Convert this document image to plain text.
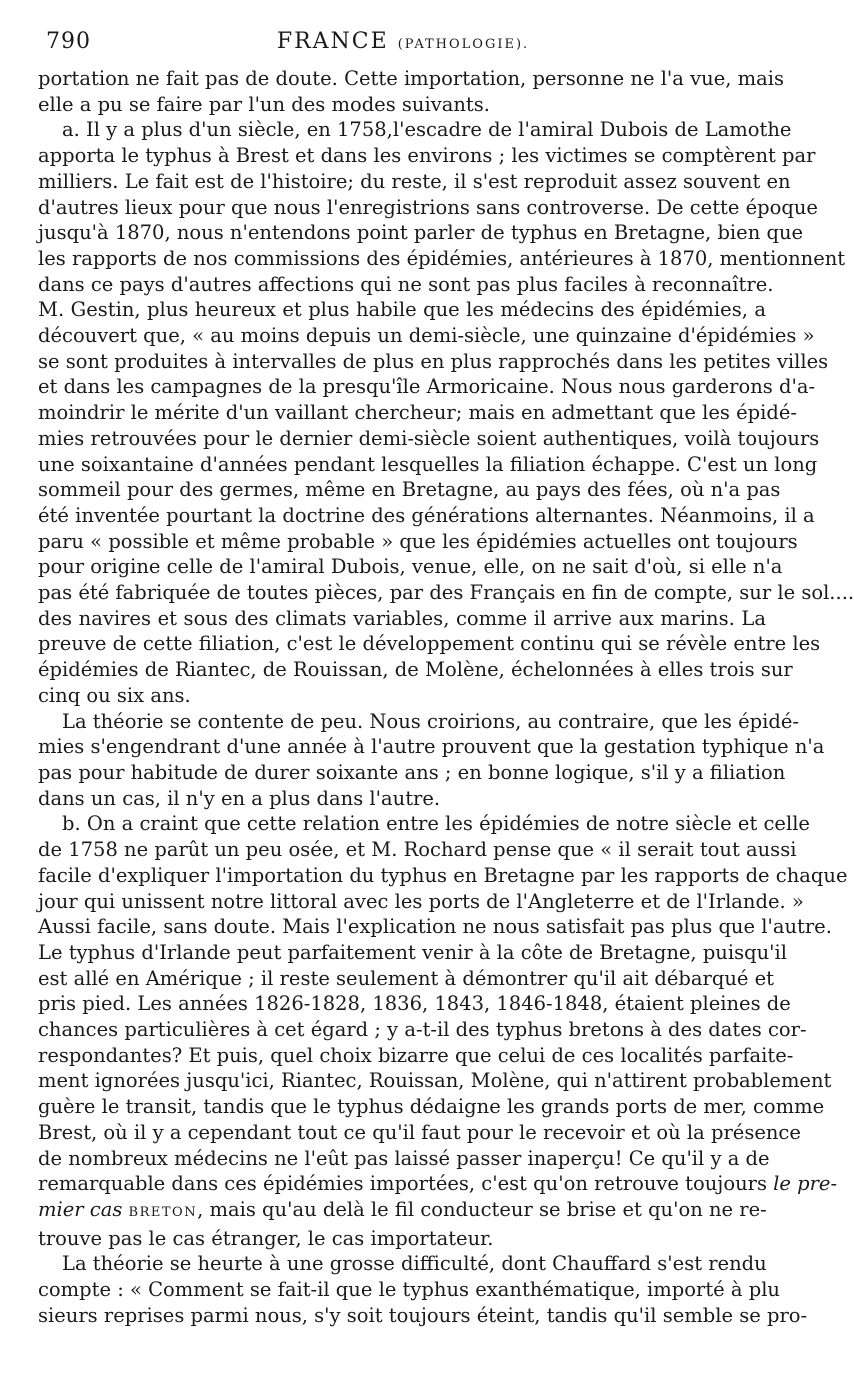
790	FRANCE (PATHOLOGIE).
portation ne fait pas de doute. Cette importation, personne ne l'a vue, mais
elle a pu se faire par l'un des modes suivants.
a. Il y a plus d'un siècle, en 1758,l'escadre de l'amiral Dubois de Lamothe
apporta le typhus à Brest et dans les environs ; les victimes se comptèrent par
milliers. Le fait est de l'histoire; du reste, il s'est reproduit assez souvent en
d'autres lieux pour que nous l'enregistrions sans controverse. De cette époque
jusqu'à 1870, nous n'entendons point parler de typhus en Bretagne, bien que
les rapports de nos commissions des épidémies, antérieures à 1870, mentionnent
dans ce pays d'autres affections qui ne sont pas plus faciles à reconnaître.
M. Gestin, plus heureux et plus habile que les médecins des épidémies, a
découvert que, « au moins depuis un demi-siècle, une quinzaine d'épidémies »
se sont produites à intervalles de plus en plus rapprochés dans les petites villes
et dans les campagnes de la presqu'île Armoricaine. Nous nous garderons d'a-
moindrir le mérite d'un vaillant chercheur; mais en admettant que les épidé-
mies retrouvées pour le dernier demi-siècle soient authentiques, voilà toujours
une soixantaine d'années pendant lesquelles la filiation échappe. C'est un long
sommeil pour des germes, même en Bretagne, au pays des fées, où n'a pas
été inventée pourtant la doctrine des générations alternantes. Néanmoins, il a
paru « possible et même probable » que les épidémies actuelles ont toujours
pour origine celle de l'amiral Dubois, venue, elle, on ne sait d'où, si elle n'a
pas été fabriquée de toutes pièces, par des Français en fin de compte, sur le sol....
des navires et sous des climats variables, comme il arrive aux marins. La
preuve de cette filiation, c'est le développement continu qui se révèle entre les
épidémies de Riantec, de Rouissan, de Molène, échelonnées à elles trois sur
cinq ou six ans.
La théorie se contente de peu. Nous croirions, au contraire, que les épidé-
mies s'engendrant d'une année à l'autre prouvent que la gestation typhique n'a
pas pour habitude de durer soixante ans ; en bonne logique, s'il y a filiation
dans un cas, il n'y en a plus dans l'autre.
b. On a craint que cette relation entre les épidémies de notre siècle et celle
de 1758 ne parût un peu osée, et M. Rochard pense que « il serait tout aussi
facile d'expliquer l'importation du typhus en Bretagne par les rapports de chaque
jour qui unissent notre littoral avec les ports de l'Angleterre et de l'Irlande. »
Aussi facile, sans doute. Mais l'explication ne nous satisfait pas plus que l'autre.
Le typhus d'Irlande peut parfaitement venir à la côte de Bretagne, puisqu'il
est allé en Amérique ; il reste seulement à démontrer qu'il ait débarqué et
pris pied. Les années 1826-1828, 1836, 1843, 1846-1848, étaient pleines de
chances particulières à cet égard ; y a-t-il des typhus bretons à des dates cor-
respondantes? Et puis, quel choix bizarre que celui de ces localités parfaite-
ment ignorées jusqu'ici, Riantec, Rouissan, Molène, qui n'attirent probablement
guère le transit, tandis que le typhus dédaigne les grands ports de mer, comme
Brest, où il y a cependant tout ce qu'il faut pour le recevoir et où la présence
de nombreux médecins ne l'eût pas laissé passer inaperçu! Ce qu'il y a de
remarquable dans ces épidémies importées, c'est qu'on retrouve toujours le pre-
mier cas BRETON, mais qu'au delà le fil conducteur se brise et qu'on ne re-
trouve pas le cas étranger, le cas importateur.
La théorie se heurte à une grosse difficulté, dont Chauffard s'est rendu
compte : « Comment se fait-il que le typhus exanthématique, importé à plu
sieurs reprises parmi nous, s'y soit toujours éteint, tandis qu'il semble se pro-
